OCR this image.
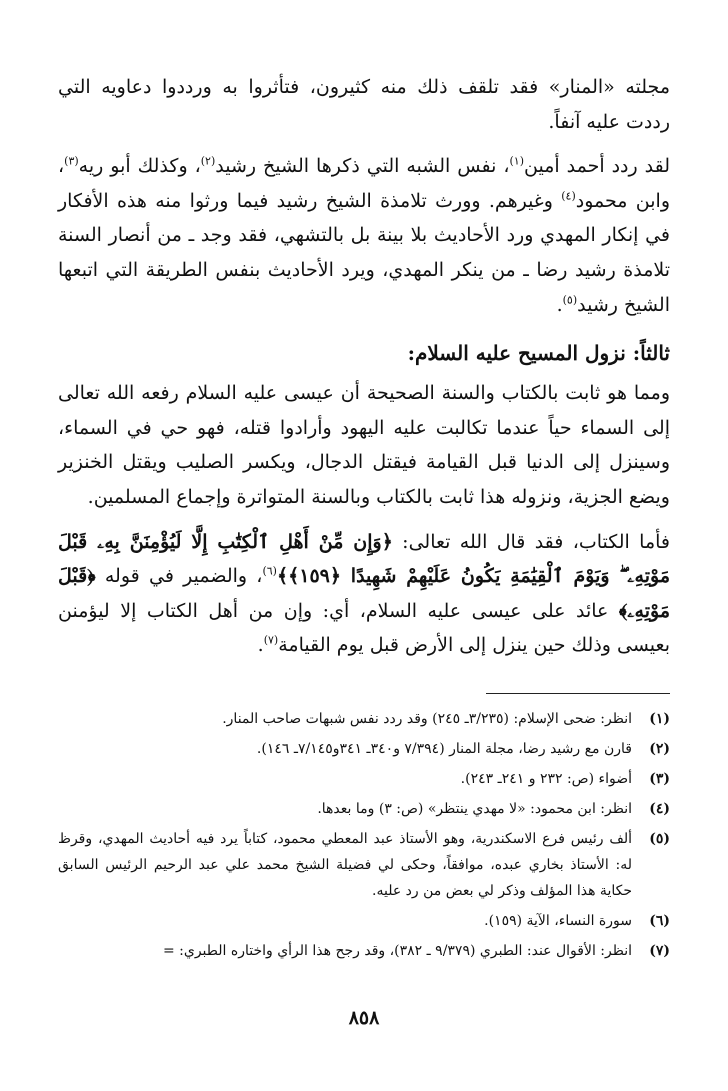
مجلته «المنار» فقد تلقف ذلك منه كثيرون، فتأثروا به ورددوا دعاويه التي رددت عليه آنفاً.

لقد ردد أحمد أمين$^{(١)}$، نفس الشبه التي ذكرها الشيخ رشيد$^{(٢)}$، وكذلك أبو ريه$^{(٣)}$، وابن محمود$^{(٤)}$ وغيرهم. وورث تلامذة الشيخ رشيد فيما ورثوا منه هذه الأفكار في إنكار المهدي ورد الأحاديث بلا بينة بل بالتشهي، فقد وجد ـ من أنصار السنة تلامذة رشيد رضا ـ من ينكر المهدي، ويرد الأحاديث بنفس الطريقة التي اتبعها الشيخ رشيد$^{(٥)}$.

ثالثاً: نزول المسيح عليه السلام:

ومما هو ثابت بالكتاب والسنة الصحيحة أن عيسى عليه السلام رفعه الله تعالى إلى السماء حياً عندما تكالبت عليه اليهود وأرادوا قتله، فهو حي في السماء، وسينزل إلى الدنيا قبل القيامة فيقتل الدجال، ويكسر الصليب ويقتل الخنزير ويضع الجزية، ونزوله هذا ثابت بالكتاب وبالسنة المتواترة وإجماع المسلمين.

فأما الكتاب، فقد قال الله تعالى: ﴿وَإِن مِّنْ أَهْلِ ٱلْكِتَٰبِ إِلَّا لَيُؤْمِنَنَّ بِهِۦ قَبْلَ مَوْتِهِۦ ۖ وَيَوْمَ ٱلْقِيَٰمَةِ يَكُونُ عَلَيْهِمْ شَهِيدًا ﴿١٥٩﴾﴾$^{(٦)}$، والضمير في قوله ﴿قَبْلَ مَوْتِهِۦ﴾ عائد على عيسى عليه السلام، أي: وإن من أهل الكتاب إلا ليؤمنن بعيسى وذلك حين ينزل إلى الأرض قبل يوم القيامة$^{(٧)}$.

(١)
انظر: ضحى الإسلام: (٣/٢٣٥ـ ٢٤٥) وقد ردد نفس شبهات صاحب المنار.
(٢)
قارن مع رشيد رضا، مجلة المنار (٧/٣٩٤ و٣٤٠ـ ٣٤١و٧/١٤٥ـ ١٤٦).
(٣)
أضواء (ص: ٢٣٢ و ٢٤١ـ ٢٤٣).
(٤)
انظر: ابن محمود: «لا مهدي ينتظر» (ص: ٣) وما بعدها.
(٥)
ألف رئيس فرع الاسكندرية، وهو الأستاذ عبد المعطي محمود، كتاباً يرد فيه أحاديث المهدي، وقرظ له: الأستاذ بخاري عبده، موافقاً، وحكى لي فضيلة الشيخ محمد علي عبد الرحيم الرئيس السابق حكاية هذا المؤلف وذكر لي بعض من رد عليه.
(٦)
سورة النساء، الآية (١٥٩).
(٧)
انظر: الأقوال عند: الطبري (٩/٣٧٩ ـ ٣٨٢)، وقد رجح هذا الرأي واختاره الطبري: =
٨٥٨
